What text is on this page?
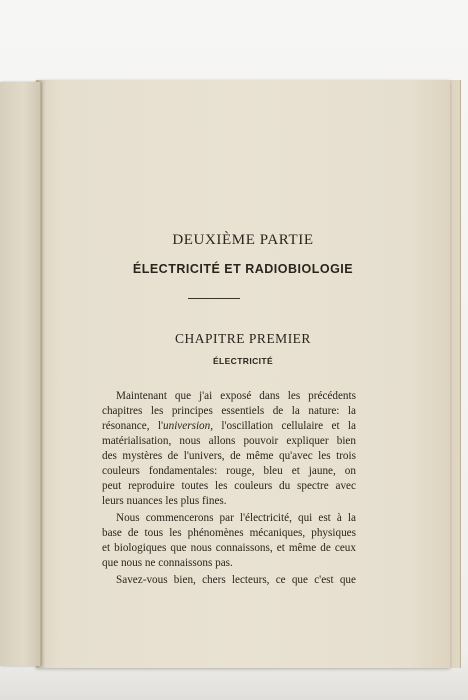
DEUXIÈME PARTIE
ÉLECTRICITÉ ET RADIOBIOLOGIE
CHAPITRE PREMIER
ÉLECTRICITÉ
Maintenant que j'ai exposé dans les précédents
chapitres les principes essentiels de la nature: la
résonance, l'universion, l'oscillation cellulaire et la
matérialisation, nous allons pouvoir expliquer bien
des mystères de l'univers, de même qu'avec les trois
couleurs fondamentales: rouge, bleu et jaune, on
peut reproduire toutes les couleurs du spectre avec
leurs nuances les plus fines.
Nous commencerons par l'électricité, qui est à la
base de tous les phénomènes mécaniques, physiques
et biologiques que nous connaissons, et même de ceux
que nous ne connaissons pas.
Savez-vous bien, chers lecteurs, ce que c'est que
